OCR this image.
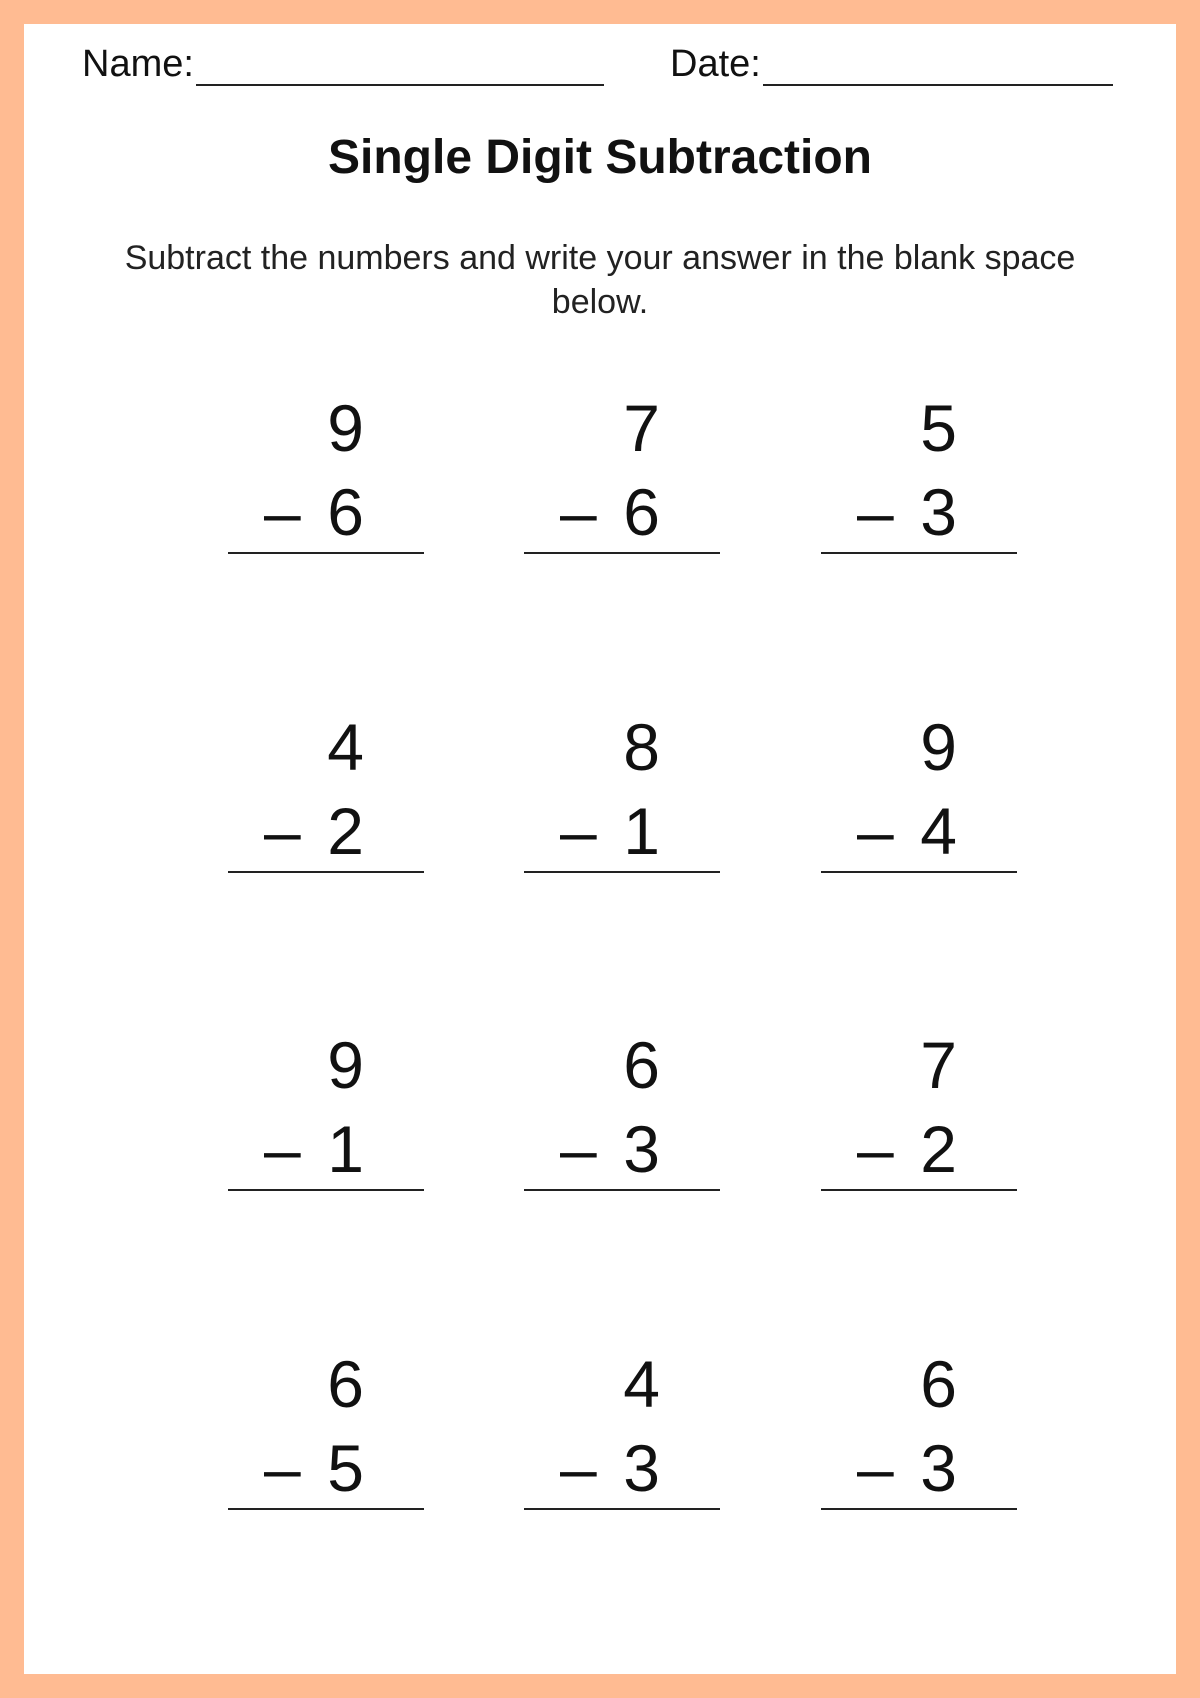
Name:	Date:
Single Digit Subtraction
Subtract the numbers and write your answer in the blank space below.
9
– 6
7
– 6
5
– 3
4
– 2
8
– 1
9
– 4
9
– 1
6
– 3
7
– 2
6
– 5
4
– 3
6
– 3
